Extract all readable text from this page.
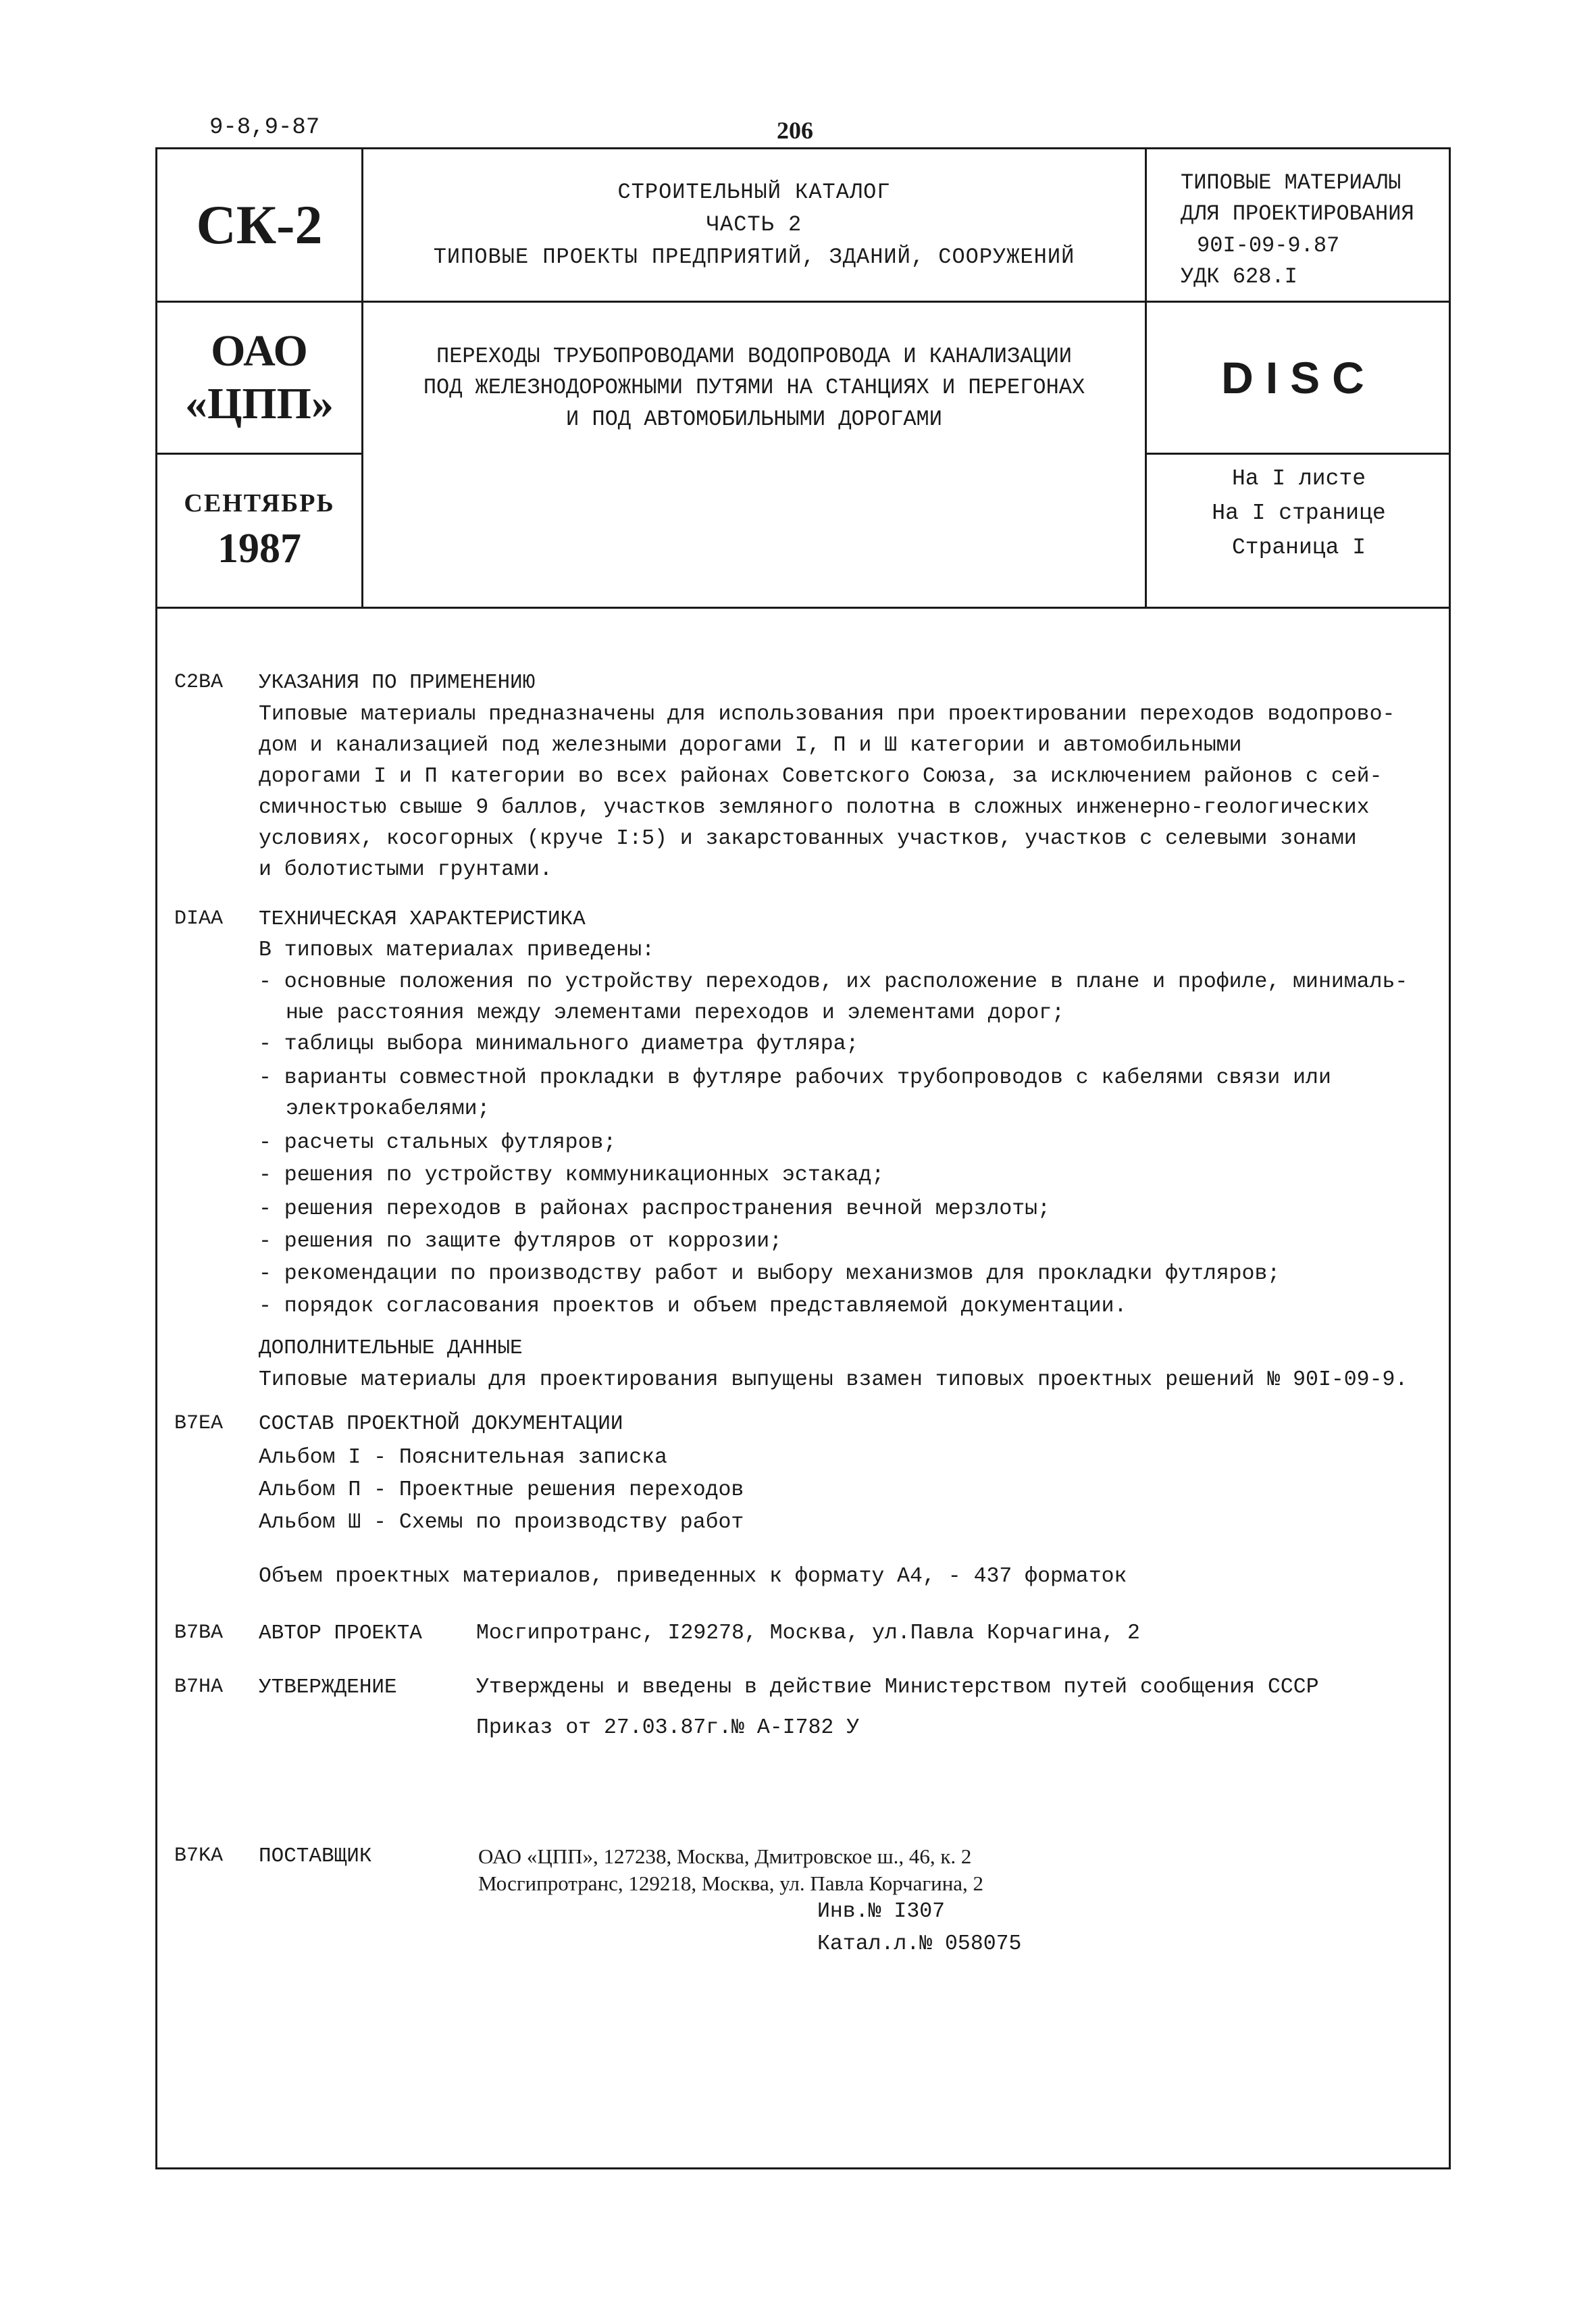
9-8,9-87	206
СК-2
ОАО
«ЦПП»
СЕНТЯБРЬ
1987
СТРОИТЕЛЬНЫЙ КАТАЛОГ
ЧАСТЬ 2
ТИПОВЫЕ ПРОЕКТЫ ПРЕДПРИЯТИЙ, ЗДАНИЙ, СООРУЖЕНИЙ
ПЕРЕХОДЫ ТРУБОПРОВОДАМИ ВОДОПРОВОДА И КАНАЛИЗАЦИИ
ПОД ЖЕЛЕЗНОДОРОЖНЫМИ ПУТЯМИ НА СТАНЦИЯХ И ПЕРЕГОНАХ
И ПОД АВТОМОБИЛЬНЫМИ ДОРОГАМИ
ТИПОВЫЕ МАТЕРИАЛЫ
ДЛЯ ПРОЕКТИРОВАНИЯ
90I-09-9.87
УДК 628.I
DISC
На I листе
На I странице
Страница I
C2BA УКАЗАНИЯ ПО ПРИМЕНЕНИЮ
Типовые материалы предназначены для использования при проектировании переходов водопрово-
дом и канализацией под железными дорогами I, П и Ш категории и автомобильными
дорогами I и П категории во всех районах Советского Союза, за исключением районов с сей-
смичностью свыше 9 баллов, участков земляного полотна в сложных инженерно-геологических
условиях, косогорных (круче I:5) и закарстованных участков, участков с селевыми зонами
и болотистыми грунтами.
DIAA ТЕХНИЧЕСКАЯ ХАРАКТЕРИСТИКА
В типовых материалах приведены:
- основные положения по устройству переходов, их расположение в плане и профиле, минималь-
ные расстояния между элементами переходов и элементами дорог;
- таблицы выбора минимального диаметра футляра;
- варианты совместной прокладки в футляре рабочих трубопроводов с кабелями связи или
электрокабелями;
- расчеты стальных футляров;
- решения по устройству коммуникационных эстакад;
- решения переходов в районах распространения вечной мерзлоты;
- решения по защите футляров от коррозии;
- рекомендации по производству работ и выбору механизмов для прокладки футляров;
- порядок согласования проектов и объем представляемой документации.
ДОПОЛНИТЕЛЬНЫЕ ДАННЫЕ
Типовые материалы для проектирования выпущены взамен типовых проектных решений № 90I-09-9.
B7EA СОСТАВ ПРОЕКТНОЙ ДОКУМЕНТАЦИИ
Альбом I - Пояснительная записка
Альбом П - Проектные решения переходов
Альбом Ш - Схемы по производству работ
Объем проектных материалов, приведенных к формату А4, - 437 форматок
B7BA АВТОР ПРОЕКТА	Мосгипротранс, I29278, Москва, ул.Павла Корчагина, 2
B7HA УТВЕРЖДЕНИЕ	Утверждены и введены в действие Министерством путей сообщения СССР
Приказ от 27.03.87г.№ А-I782 У
B7KA ПОСТАВЩИК	ОАО «ЦПП», 127238, Москва, Дмитровское ш., 46, к. 2
Мосгипротранс, 129218, Москва, ул. Павла Корчагина, 2
Инв.№ I307
Катал.л.№ 058075
